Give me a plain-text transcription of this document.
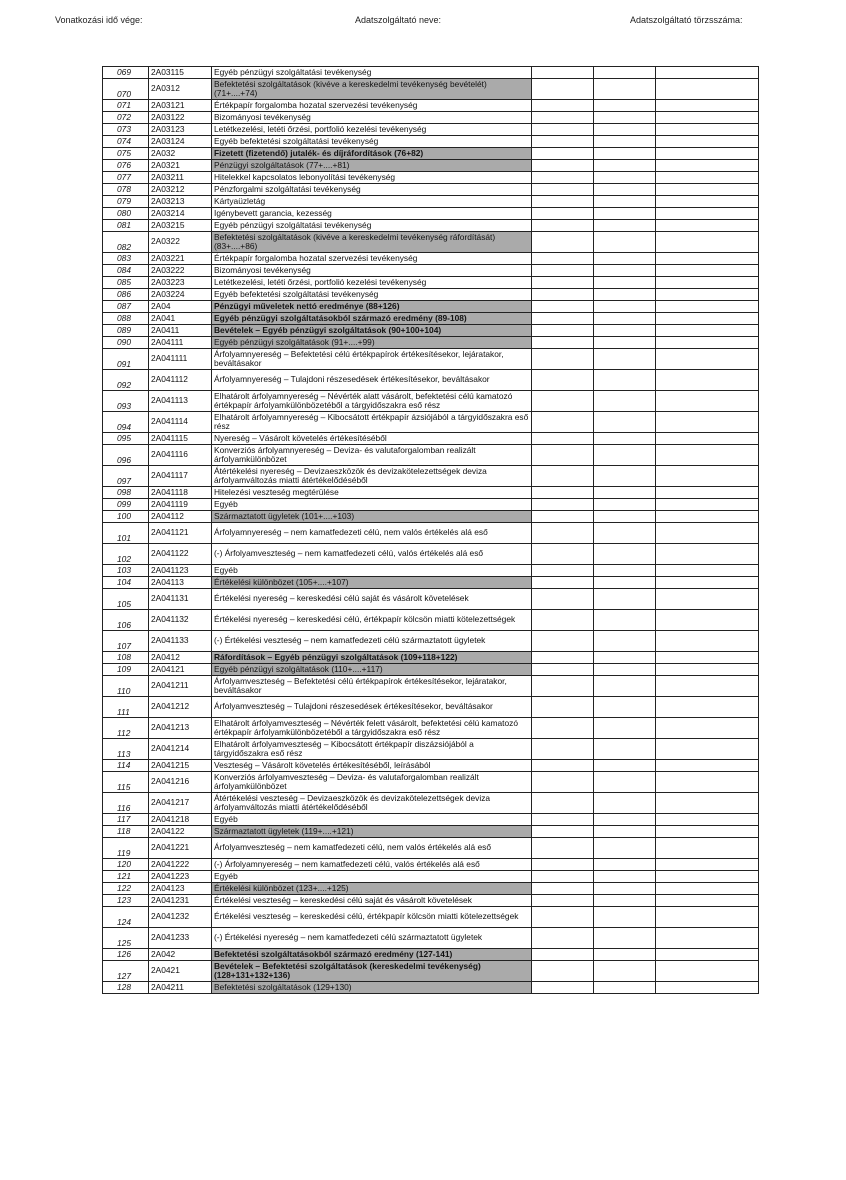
Vonatkozási idő vége:	Adatszolgáltató neve:	Adatszolgáltató törzsszáma:
069	2A03115	Egyéb pénzügyi szolgáltatási tevékenység			
070	2A0312	Befektetési szolgáltatások (kivéve a kereskedelmi tevékenység bevételét) (71+....+74)			
071	2A03121	Értékpapír forgalomba hozatal szervezési tevékenység			
072	2A03122	Bizományosi tevékenység			
073	2A03123	Letétkezelési, letéti őrzési, portfolió kezelési tevékenység			
074	2A03124	Egyéb befektetési szolgáltatási tevékenység			
075	2A032	Fizetett (fizetendő) jutalék- és díjráfordítások (76+82)			
076	2A0321	Pénzügyi szolgáltatások (77+....+81)			
077	2A03211	Hitelekkel kapcsolatos lebonyolítási tevékenység			
078	2A03212	Pénzforgalmi szolgáltatási tevékenység			
079	2A03213	Kártyaüzletág			
080	2A03214	Igénybevett garancia, kezesség			
081	2A03215	Egyéb pénzügyi szolgáltatási tevékenység			
082	2A0322	Befektetési szolgáltatások (kivéve a kereskedelmi tevékenység ráfordítását) (83+....+86)			
083	2A03221	Értékpapír forgalomba hozatal szervezési tevékenység			
084	2A03222	Bizományosi tevékenység			
085	2A03223	Letétkezelési, letéti őrzési, portfolió kezelési tevékenység			
086	2A03224	Egyéb befektetési szolgáltatási tevékenység			
087	2A04	Pénzügyi műveletek nettó eredménye (88+126)			
088	2A041	Egyéb pénzügyi szolgáltatásokból származó eredmény (89-108)			
089	2A0411	Bevételek – Egyéb pénzügyi szolgáltatások (90+100+104)			
090	2A04111	Egyéb pénzügyi szolgáltatások (91+....+99)			
091	2A041111	Árfolyamnyereség – Befektetési célú értékpapírok értékesítésekor, lejáratakor, beváltásakor			
092	2A041112	Árfolyamnyereség – Tulajdoni részesedések értékesítésekor, beváltásakor			
093	2A041113	Elhatárolt árfolyamnyereség – Névérték alatt vásárolt, befektetési célú kamatozó értékpapír árfolyamkülönbözetéből a tárgyidőszakra eső rész			
094	2A041114	Elhatárolt árfolyamnyereség – Kibocsátott értékpapír ázsiójából a tárgyidőszakra eső rész			
095	2A041115	Nyereség – Vásárolt követelés értékesítéséből			
096	2A041116	Konverziós árfolyamnyereség – Deviza- és valutaforgalomban realizált árfolyamkülönbözet			
097	2A041117	Átértékelési nyereség – Devizaeszközök és devizakötelezettségek deviza árfolyamváltozás miatti átértékelődéséből			
098	2A041118	Hitelezési veszteség megtérülése			
099	2A041119	Egyéb			
100	2A04112	Származtatott ügyletek (101+....+103)			
101	2A041121	Árfolyamnyereség – nem kamatfedezeti célú, nem valós értékelés alá eső			
102	2A041122	(-) Árfolyamveszteség – nem kamatfedezeti célú, valós értékelés alá eső			
103	2A041123	Egyéb			
104	2A04113	Értékelési különbözet (105+....+107)			
105	2A041131	Értékelési nyereség – kereskedési célú saját és vásárolt követelések			
106	2A041132	Értékelési nyereség – kereskedési célú, értékpapír kölcsön miatti kötelezettségek			
107	2A041133	(-) Értékelési veszteség – nem kamatfedezeti célú származtatott ügyletek			
108	2A0412	Ráfordítások – Egyéb pénzügyi szolgáltatások (109+118+122)			
109	2A04121	Egyéb pénzügyi szolgáltatások (110+....+117)			
110	2A041211	Árfolyamveszteség – Befektetési célú értékpapírok értékesítésekor, lejáratakor, beváltásakor			
111	2A041212	Árfolyamveszteség – Tulajdoni részesedések értékesítésekor, beváltásakor			
112	2A041213	Elhatárolt árfolyamveszteség – Névérték felett vásárolt, befektetési célú kamatozó értékpapír árfolyamkülönbözetéből a tárgyidőszakra eső rész			
113	2A041214	Elhatárolt árfolyamveszteség – Kibocsátott értékpapír diszázsiójából a tárgyidőszakra eső rész			
114	2A041215	Veszteség – Vásárolt követelés értékesítéséből, leírásából			
115	2A041216	Konverziós árfolyamveszteség – Deviza- és valutaforgalomban realizált árfolyamkülönbözet			
116	2A041217	Átértékelési veszteség – Devizaeszközök és devizakötelezettségek deviza árfolyamváltozás miatti átértékelődéséből			
117	2A041218	Egyéb			
118	2A04122	Származtatott ügyletek (119+....+121)			
119	2A041221	Árfolyamveszteség – nem kamatfedezeti célú, nem valós értékelés alá eső			
120	2A041222	(-) Árfolyamnyereség – nem kamatfedezeti célú, valós értékelés alá eső			
121	2A041223	Egyéb			
122	2A04123	Értékelési különbözet (123+....+125)			
123	2A041231	Értékelési veszteség – kereskedési célú saját és vásárolt követelések			
124	2A041232	Értékelési veszteség – kereskedési célú, értékpapír kölcsön miatti kötelezettségek			
125	2A041233	(-) Értékelési nyereség – nem kamatfedezeti célú származtatott ügyletek			
126	2A042	Befektetési szolgáltatásokból származó eredmény (127-141)			
127	2A0421	Bevételek – Befektetési szolgáltatások (kereskedelmi tevékenység) (128+131+132+136)			
128	2A04211	Befektetési szolgáltatások (129+130)			
